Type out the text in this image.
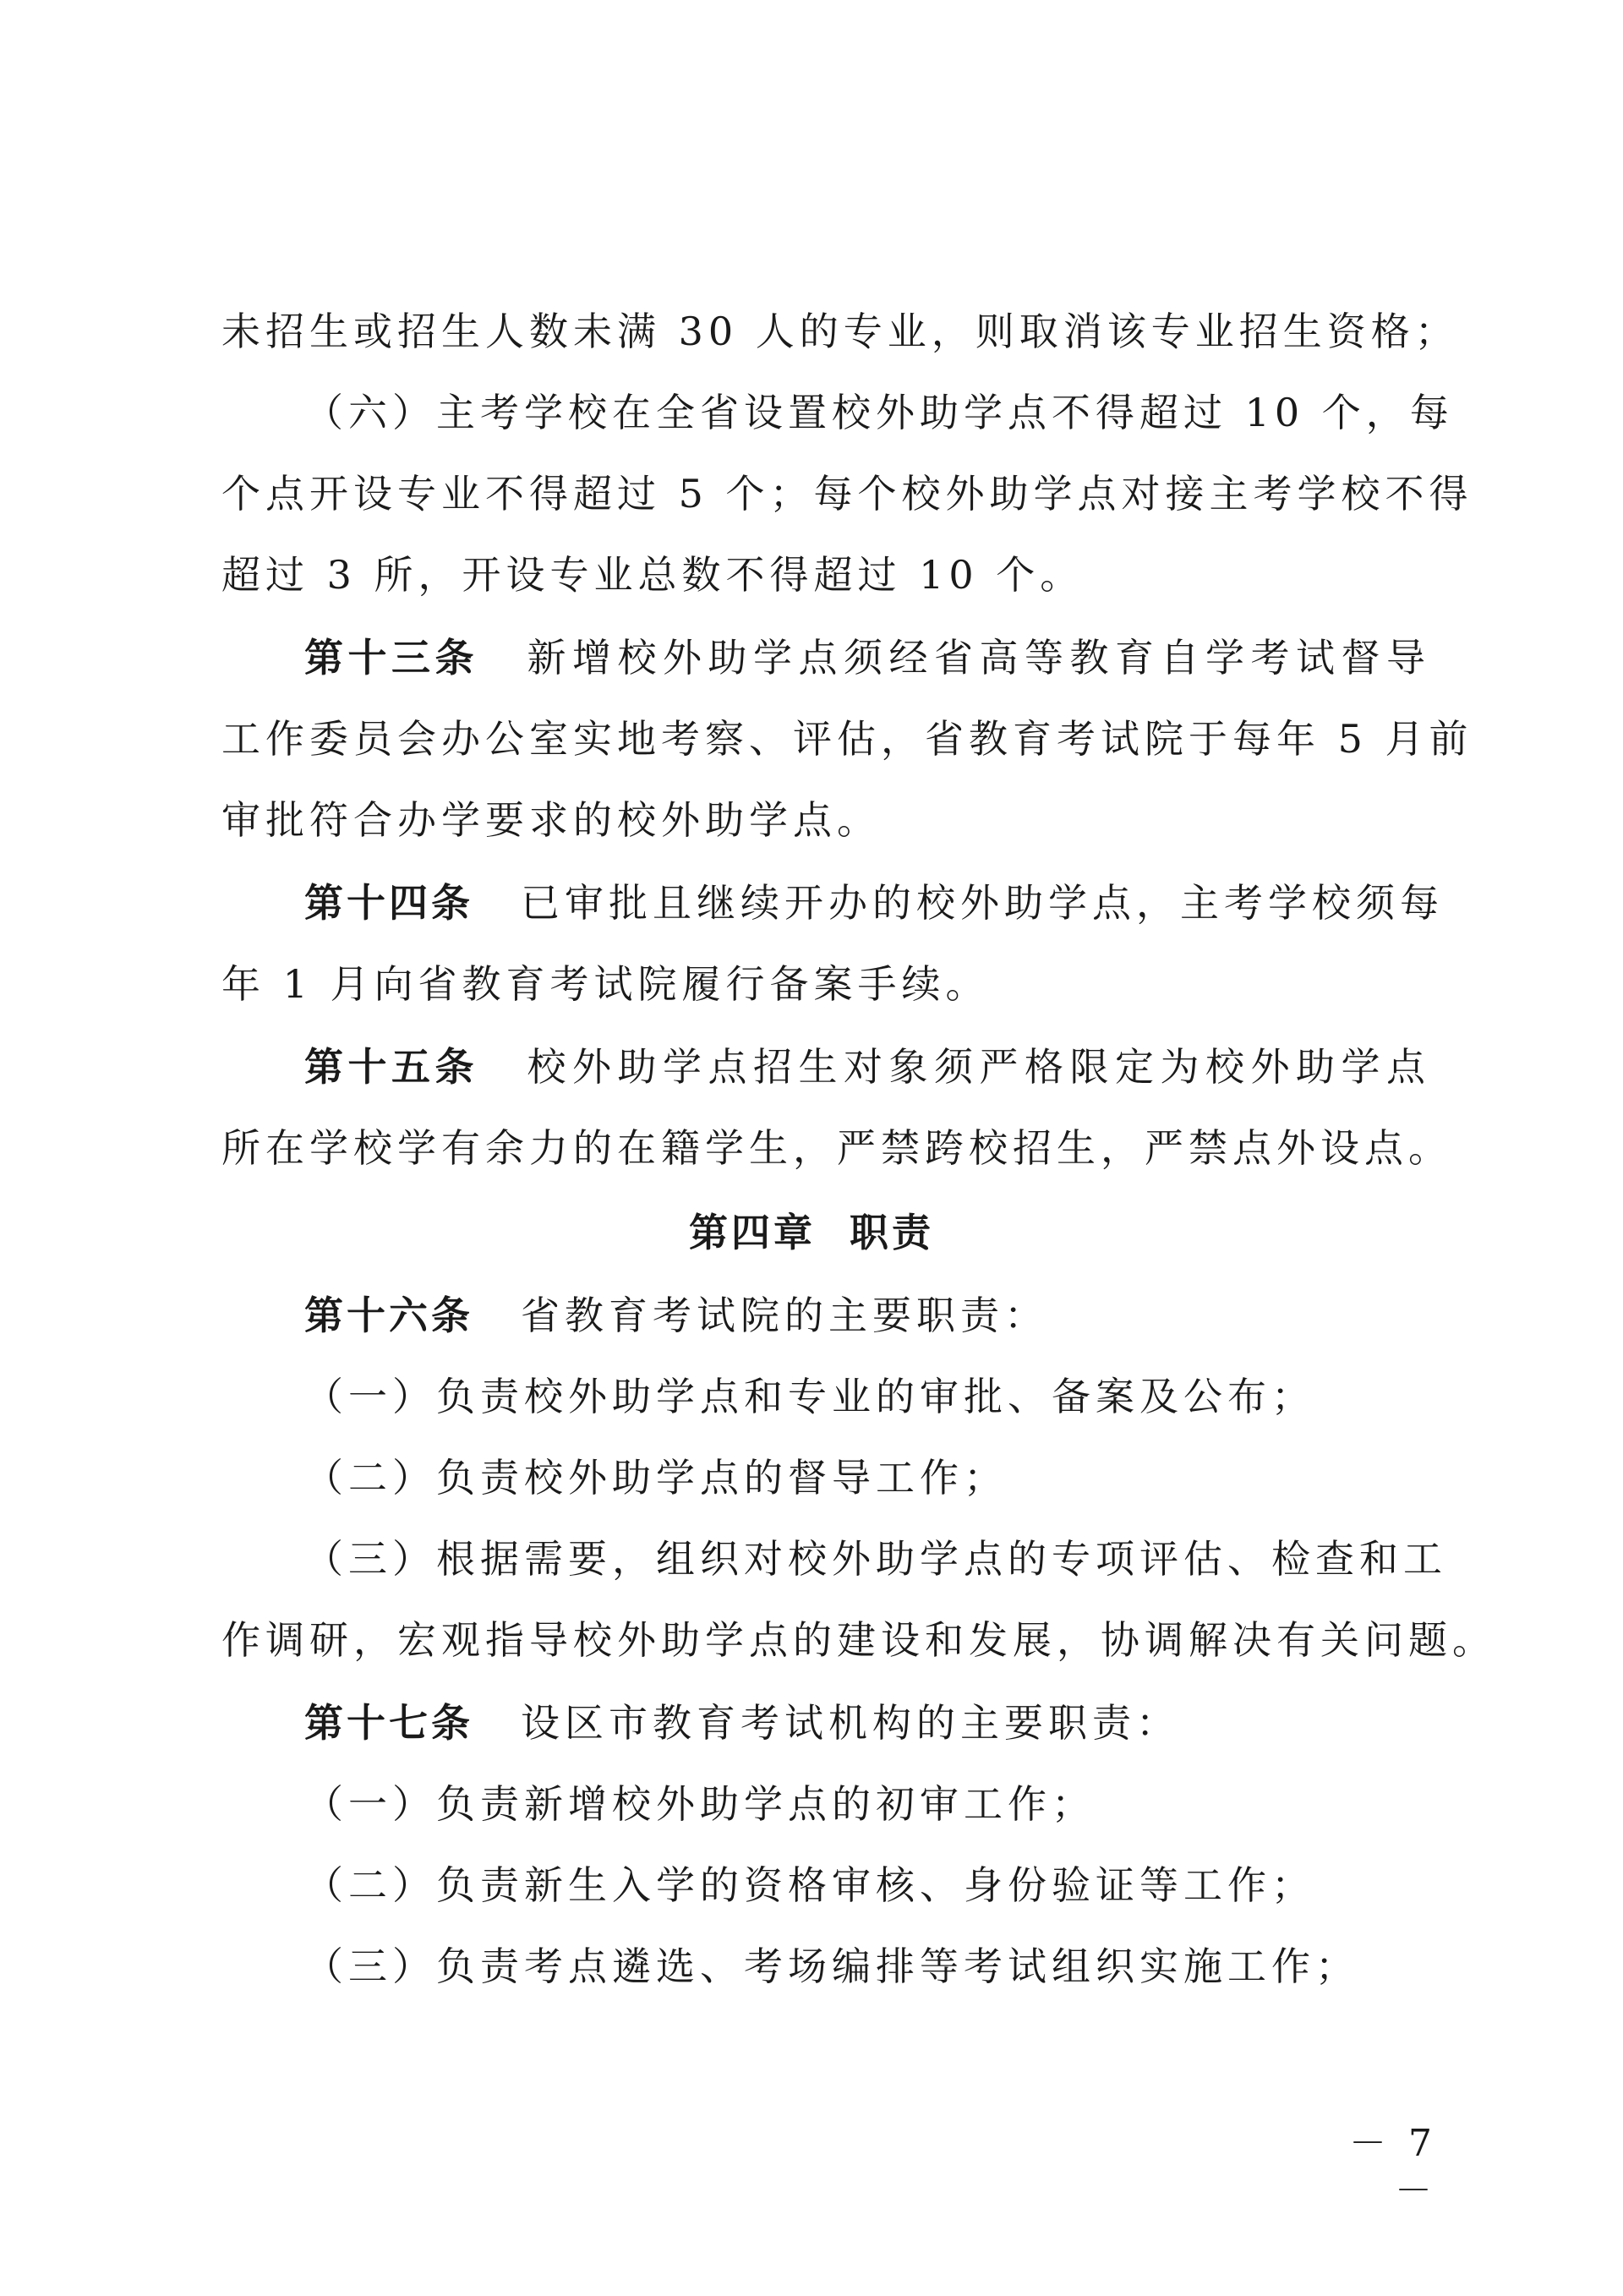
未招生或招生人数未满 30 人的专业，则取消该专业招生资格；
（六）主考学校在全省设置校外助学点不得超过 10 个，每
个点开设专业不得超过 5 个；每个校外助学点对接主考学校不得
超过 3 所，开设专业总数不得超过 10 个。
第十三条 新增校外助学点须经省高等教育自学考试督导
工作委员会办公室实地考察、评估，省教育考试院于每年 5 月前
审批符合办学要求的校外助学点。
第十四条 已审批且继续开办的校外助学点，主考学校须每
年 1 月向省教育考试院履行备案手续。
第十五条 校外助学点招生对象须严格限定为校外助学点
所在学校学有余力的在籍学生，严禁跨校招生，严禁点外设点。
第四章 职责
第十六条 省教育考试院的主要职责：
（一）负责校外助学点和专业的审批、备案及公布；
（二）负责校外助学点的督导工作；
（三）根据需要，组织对校外助学点的专项评估、检查和工
作调研，宏观指导校外助学点的建设和发展，协调解决有关问题。
第十七条 设区市教育考试机构的主要职责：
（一）负责新增校外助学点的初审工作；
（二）负责新生入学的资格审核、身份验证等工作；
（三）负责考点遴选、考场编排等考试组织实施工作；
－ 7 －
